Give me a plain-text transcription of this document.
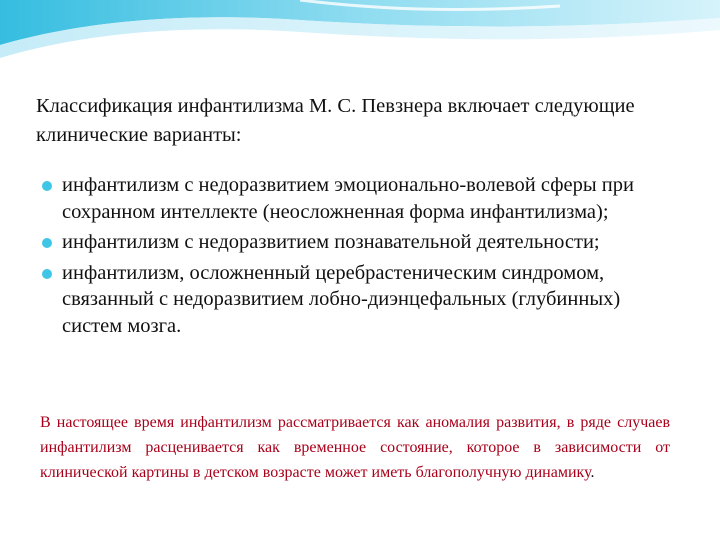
Классификация инфантилизма М. С. Певзнера включает следующие клинические варианты:

инфантилизм с недоразвитием эмоционально-волевой сферы при сохранном интеллекте (неосложненная форма инфантилизма);
инфантилизм с недоразвитием познавательной деятельности;
инфантилизм, осложненный церебрастеническим синдромом, связанный с недоразвитием лобно-диэнцефальных (глубинных) систем мозга.

В настоящее время инфантилизм рассматривается как аномалия развития, в ряде случаев инфантилизм расценивается как временное состояние, которое в зависимости от клинической картины в детском возрасте может иметь благополучную динамику.
